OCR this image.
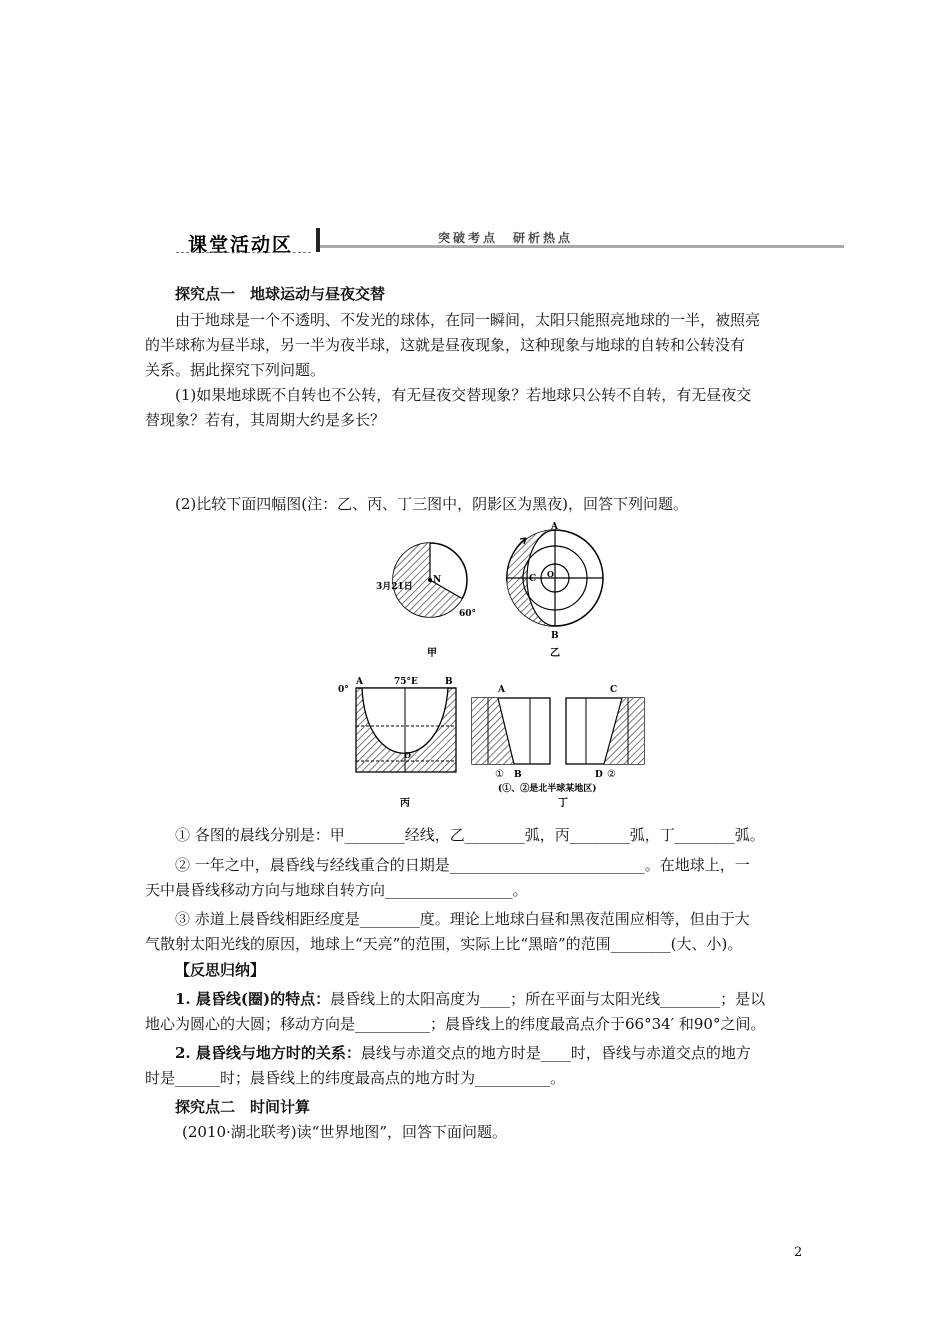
课堂活动区	突破考点　研析热点

探究点一　地球运动与昼夜交替

由于地球是一个不透明、不发光的球体，在同一瞬间，太阳只能照亮地球的一半，被照亮

的半球称为昼半球，另一半为夜半球，这就是昼夜现象，这种现象与地球的自转和公转没有

关系。据此探究下列问题。

(1)如果地球既不自转也不公转，有无昼夜交替现象？若地球只公转不自转，有无昼夜交

替现象？若有，其周期大约是多长？

(2)比较下面四幅图(注：乙、丙、丁三图中，阴影区为黑夜)，回答下列问题。

N
3月21日
60°
甲
A
B
C O
乙
0°
A	75°E	B
O
丙
A	C
① B	D ②
(①、②是北半球某地区)
丁

① 各图的晨线分别是：甲________经线，乙________弧，丙________弧，丁________弧。

② 一年之中，晨昏线与经线重合的日期是__________________________。在地球上，一

天中晨昏线移动方向与地球自转方向_________________。

③ 赤道上晨昏线相距经度是________度。理论上地球白昼和黑夜范围应相等，但由于大

气散射太阳光线的原因，地球上“天亮”的范围，实际上比“黑暗”的范围________(大、小)。

【反思归纳】

1. 晨昏线(圈)的特点：晨昏线上的太阳高度为____；所在平面与太阳光线________；是以

地心为圆心的大圆；移动方向是__________；晨昏线上的纬度最高点介于66°34′ 和90°之间。

2. 晨昏线与地方时的关系：晨线与赤道交点的地方时是____时，昏线与赤道交点的地方

时是______时；晨昏线上的纬度最高点的地方时为__________。

探究点二　时间计算

(2010·湖北联考)读“世界地图”，回答下面问题。

2
